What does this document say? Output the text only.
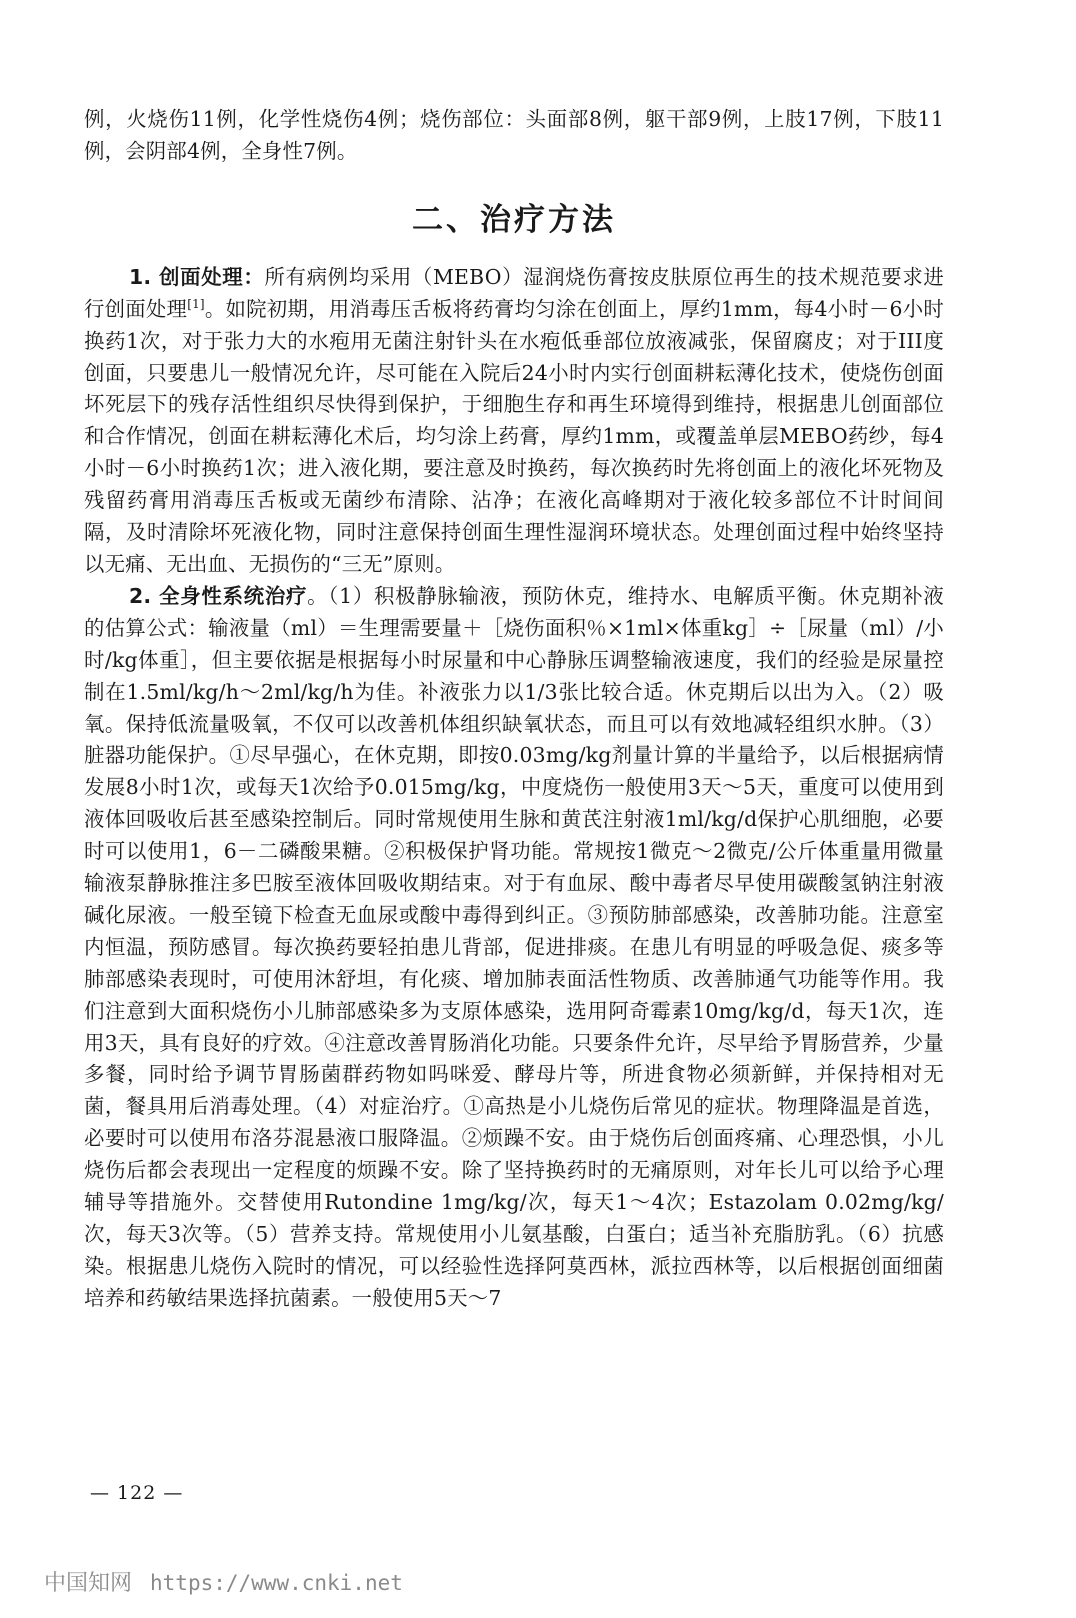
例，火烧伤11例，化学性烧伤4例；烧伤部位：头面部8例，躯干部9例，上肢17例，下肢11例，会阴部4例，全身性7例。

二、治疗方法

1. 创面处理：所有病例均采用（MEBO）湿润烧伤膏按皮肤原位再生的技术规范要求进行创面处理[1]。如院初期，用消毒压舌板将药膏均匀涂在创面上，厚约1mm，每4小时－6小时换药1次，对于张力大的水疱用无菌注射针头在水疱低垂部位放液减张，保留腐皮；对于III度创面，只要患儿一般情况允许，尽可能在入院后24小时内实行创面耕耘薄化技术，使烧伤创面坏死层下的残存活性组织尽快得到保护，于细胞生存和再生环境得到维持，根据患儿创面部位和合作情况，创面在耕耘薄化术后，均匀涂上药膏，厚约1mm，或覆盖单层MEBO药纱，每4小时－6小时换药1次；进入液化期，要注意及时换药，每次换药时先将创面上的液化坏死物及残留药膏用消毒压舌板或无菌纱布清除、沾净；在液化高峰期对于液化较多部位不计时间间隔，及时清除坏死液化物，同时注意保持创面生理性湿润环境状态。处理创面过程中始终坚持以无痛、无出血、无损伤的“三无”原则。

2. 全身性系统治疗。（1）积极静脉输液，预防休克，维持水、电解质平衡。休克期补液的估算公式：输液量（ml）＝生理需要量＋［烧伤面积％×1ml×体重kg］÷［尿量（ml）/小时/kg体重］，但主要依据是根据每小时尿量和中心静脉压调整输液速度，我们的经验是尿量控制在1.5ml/kg/h～2ml/kg/h为佳。补液张力以1/3张比较合适。休克期后以出为入。（2）吸氧。保持低流量吸氧，不仅可以改善机体组织缺氧状态，而且可以有效地减轻组织水肿。（3）脏器功能保护。①尽早强心，在休克期，即按0.03mg/kg剂量计算的半量给予，以后根据病情发展8小时1次，或每天1次给予0.015mg/kg，中度烧伤一般使用3天～5天，重度可以使用到液体回吸收后甚至感染控制后。同时常规使用生脉和黄芪注射液1ml/kg/d保护心肌细胞，必要时可以使用1，6－二磷酸果糖。②积极保护肾功能。常规按1微克～2微克/公斤体重量用微量输液泵静脉推注多巴胺至液体回吸收期结束。对于有血尿、酸中毒者尽早使用碳酸氢钠注射液碱化尿液。一般至镜下检查无血尿或酸中毒得到纠正。③预防肺部感染，改善肺功能。注意室内恒温，预防感冒。每次换药要轻拍患儿背部，促进排痰。在患儿有明显的呼吸急促、痰多等肺部感染表现时，可使用沐舒坦，有化痰、增加肺表面活性物质、改善肺通气功能等作用。我们注意到大面积烧伤小儿肺部感染多为支原体感染，选用阿奇霉素10mg/kg/d，每天1次，连用3天，具有良好的疗效。④注意改善胃肠消化功能。只要条件允许，尽早给予胃肠营养，少量多餐，同时给予调节胃肠菌群药物如吗咪爱、酵母片等，所进食物必须新鲜，并保持相对无菌，餐具用后消毒处理。（4）对症治疗。①高热是小儿烧伤后常见的症状。物理降温是首选，必要时可以使用布洛芬混悬液口服降温。②烦躁不安。由于烧伤后创面疼痛、心理恐惧，小儿烧伤后都会表现出一定程度的烦躁不安。除了坚持换药时的无痛原则，对年长儿可以给予心理辅导等措施外。交替使用Rutondine 1mg/kg/次，每天1～4次；Estazolam 0.02mg/kg/次，每天3次等。（5）营养支持。常规使用小儿氨基酸，白蛋白；适当补充脂肪乳。（6）抗感染。根据患儿烧伤入院时的情况，可以经验性选择阿莫西林，派拉西林等，以后根据创面细菌培养和药敏结果选择抗菌素。一般使用5天～7

— 122 —
中国知网 https://www.cnki.net
